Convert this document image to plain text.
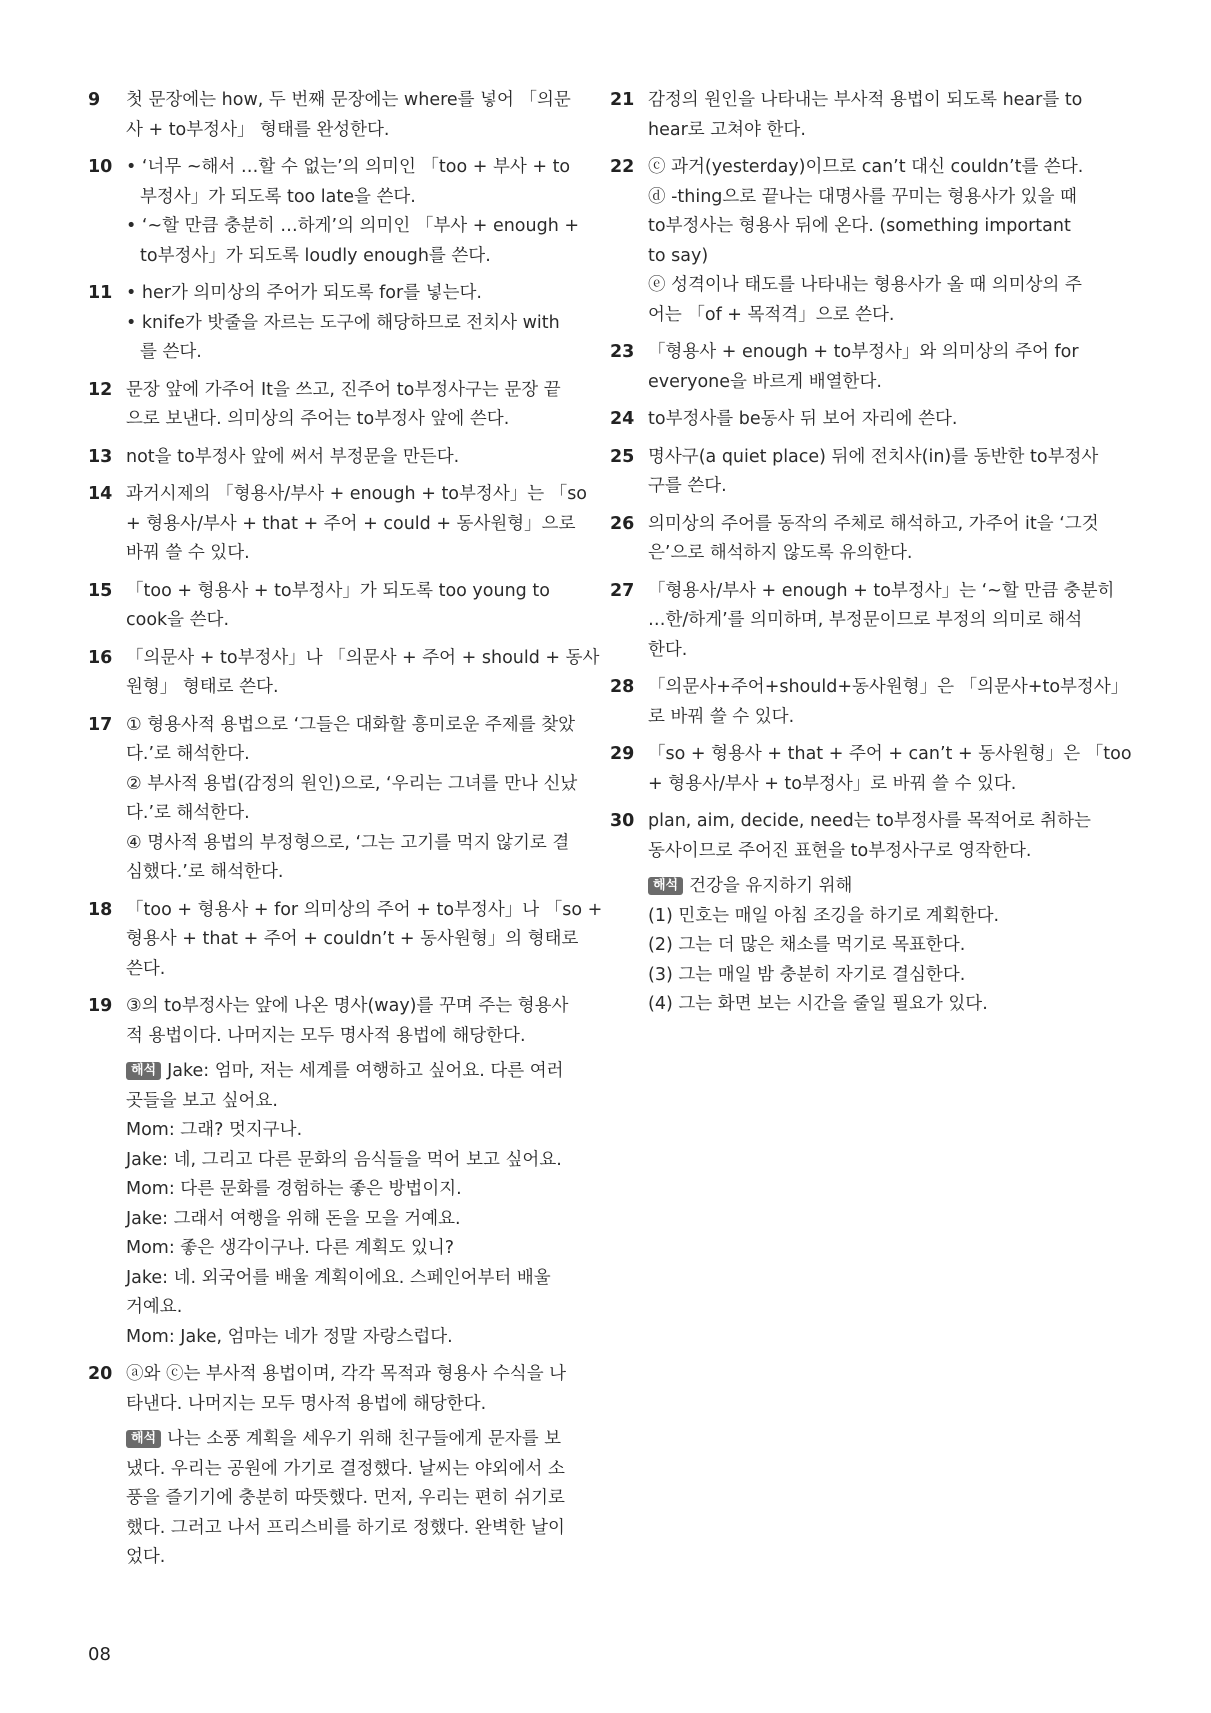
9 첫 문장에는 how, 두 번째 문장에는 where를 넣어 「의문
사 + to부정사」 형태를 완성한다.
10 • ‘너무 ~해서 …할 수 없는’의 의미인 「too + 부사 + to
부정사」가 되도록 too late을 쓴다.
• ‘~할 만큼 충분히 …하게’의 의미인 「부사 + enough +
to부정사」가 되도록 loudly enough를 쓴다.
11 • her가 의미상의 주어가 되도록 for를 넣는다.
• knife가 밧줄을 자르는 도구에 해당하므로 전치사 with
를 쓴다.
12 문장 앞에 가주어 It을 쓰고, 진주어 to부정사구는 문장 끝
으로 보낸다. 의미상의 주어는 to부정사 앞에 쓴다.
13 not을 to부정사 앞에 써서 부정문을 만든다.
14 과거시제의 「형용사/부사 + enough + to부정사」는 「so
+ 형용사/부사 + that + 주어 + could + 동사원형」으로
바꿔 쓸 수 있다.
15 「too + 형용사 + to부정사」가 되도록 too young to
cook을 쓴다.
16 「의문사 + to부정사」나 「의문사 + 주어 + should + 동사
원형」 형태로 쓴다.
17 ① 형용사적 용법으로 ‘그들은 대화할 흥미로운 주제를 찾았
다.’로 해석한다.
② 부사적 용법(감정의 원인)으로, ‘우리는 그녀를 만나 신났
다.’로 해석한다.
④ 명사적 용법의 부정형으로, ‘그는 고기를 먹지 않기로 결
심했다.’로 해석한다.
18 「too + 형용사 + for 의미상의 주어 + to부정사」나 「so +
형용사 + that + 주어 + couldn’t + 동사원형」의 형태로
쓴다.
19 ③의 to부정사는 앞에 나온 명사(way)를 꾸며 주는 형용사
적 용법이다. 나머지는 모두 명사적 용법에 해당한다.
해석 Jake: 엄마, 저는 세계를 여행하고 싶어요. 다른 여러
곳들을 보고 싶어요.
Mom: 그래? 멋지구나.
Jake: 네, 그리고 다른 문화의 음식들을 먹어 보고 싶어요.
Mom: 다른 문화를 경험하는 좋은 방법이지.
Jake: 그래서 여행을 위해 돈을 모을 거예요.
Mom: 좋은 생각이구나. 다른 계획도 있니?
Jake: 네. 외국어를 배울 계획이에요. 스페인어부터 배울
거예요.
Mom: Jake, 엄마는 네가 정말 자랑스럽다.
20 ⓐ와 ⓒ는 부사적 용법이며, 각각 목적과 형용사 수식을 나
타낸다. 나머지는 모두 명사적 용법에 해당한다.
해석 나는 소풍 계획을 세우기 위해 친구들에게 문자를 보
냈다. 우리는 공원에 가기로 결정했다. 날씨는 야외에서 소
풍을 즐기기에 충분히 따뜻했다. 먼저, 우리는 편히 쉬기로
했다. 그러고 나서 프리스비를 하기로 정했다. 완벽한 날이
었다.
21 감정의 원인을 나타내는 부사적 용법이 되도록 hear를 to
hear로 고쳐야 한다.
22 ⓒ 과거(yesterday)이므로 can’t 대신 couldn’t를 쓴다.
ⓓ -thing으로 끝나는 대명사를 꾸미는 형용사가 있을 때
to부정사는 형용사 뒤에 온다. (something important
to say)
ⓔ 성격이나 태도를 나타내는 형용사가 올 때 의미상의 주
어는 「of + 목적격」으로 쓴다.
23 「형용사 + enough + to부정사」와 의미상의 주어 for
everyone을 바르게 배열한다.
24 to부정사를 be동사 뒤 보어 자리에 쓴다.
25 명사구(a quiet place) 뒤에 전치사(in)를 동반한 to부정사
구를 쓴다.
26 의미상의 주어를 동작의 주체로 해석하고, 가주어 it을 ‘그것
은’으로 해석하지 않도록 유의한다.
27 「형용사/부사 + enough + to부정사」는 ‘~할 만큼 충분히
…한/하게’를 의미하며, 부정문이므로 부정의 의미로 해석
한다.
28 「의문사+주어+should+동사원형」은 「의문사+to부정사」
로 바꿔 쓸 수 있다.
29 「so + 형용사 + that + 주어 + can’t + 동사원형」은 「too
+ 형용사/부사 + to부정사」로 바꿔 쓸 수 있다.
30 plan, aim, decide, need는 to부정사를 목적어로 취하는
동사이므로 주어진 표현을 to부정사구로 영작한다.
해석 건강을 유지하기 위해
(1) 민호는 매일 아침 조깅을 하기로 계획한다.
(2) 그는 더 많은 채소를 먹기로 목표한다.
(3) 그는 매일 밤 충분히 자기로 결심한다.
(4) 그는 화면 보는 시간을 줄일 필요가 있다.
08
